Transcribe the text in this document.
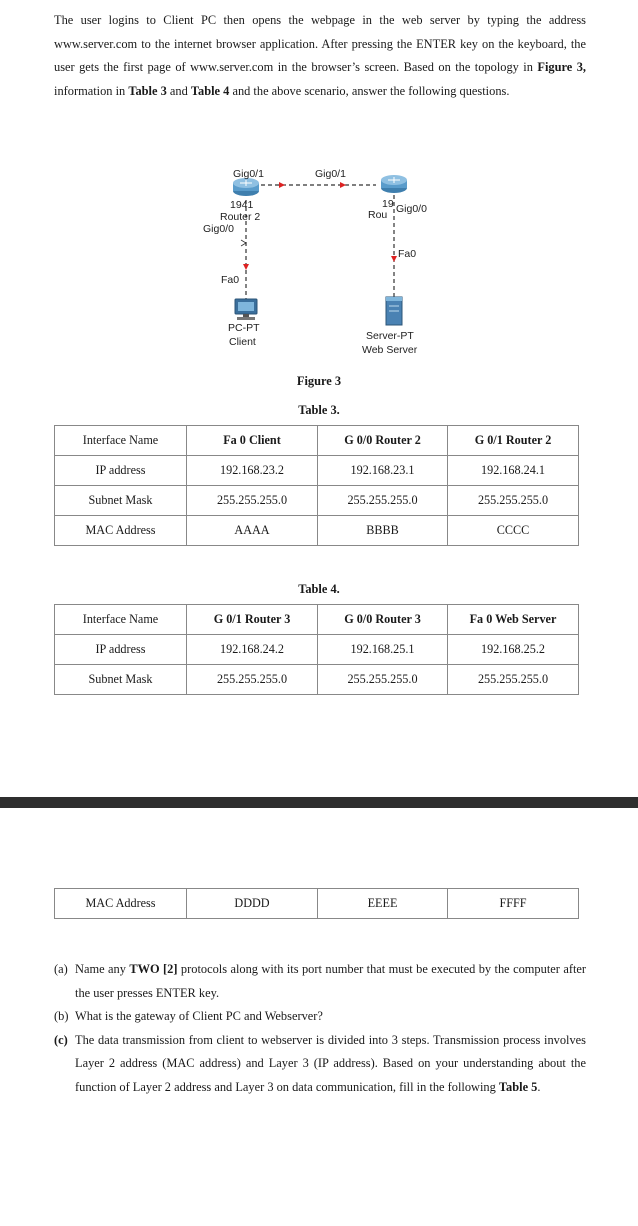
The user logins to Client PC then opens the webpage in the web server by typing the address www.server.com to the internet browser application. After pressing the ENTER key on the keyboard, the user gets the first page of www.server.com in the browser’s screen. Based on the topology in Figure 3, information in Table 3 and Table 4 and the above scenario, answer the following questions.
Gig0/1	Gig0/1
1941
Router 2
Gig0/0
19
Rou Gig0/0
Fa0
Fa0
PC-PT
Client	Server-PT
Web Server
Figure 3
Table 3.
Interface Name	Fa 0 Client	G 0/0 Router 2	G 0/1 Router 2
IP address	192.168.23.2	192.168.23.1	192.168.24.1
Subnet Mask	255.255.255.0	255.255.255.0	255.255.255.0
MAC Address	AAAA	BBBB	CCCC
Table 4.
Interface Name	G 0/1 Router 3	G 0/0 Router 3	Fa 0 Web Server
IP address	192.168.24.2	192.168.25.1	192.168.25.2
Subnet Mask	255.255.255.0	255.255.255.0	255.255.255.0
MAC Address	DDDD	EEEE	FFFF
(a) Name any TWO [2] protocols along with its port number that must be executed by the computer after the user presses ENTER key.
(b) What is the gateway of Client PC and Webserver?
(c) The data transmission from client to webserver is divided into 3 steps. Transmission process involves Layer 2 address (MAC address) and Layer 3 (IP address). Based on your understanding about the function of Layer 2 address and Layer 3 on data communication, fill in the following Table 5.
